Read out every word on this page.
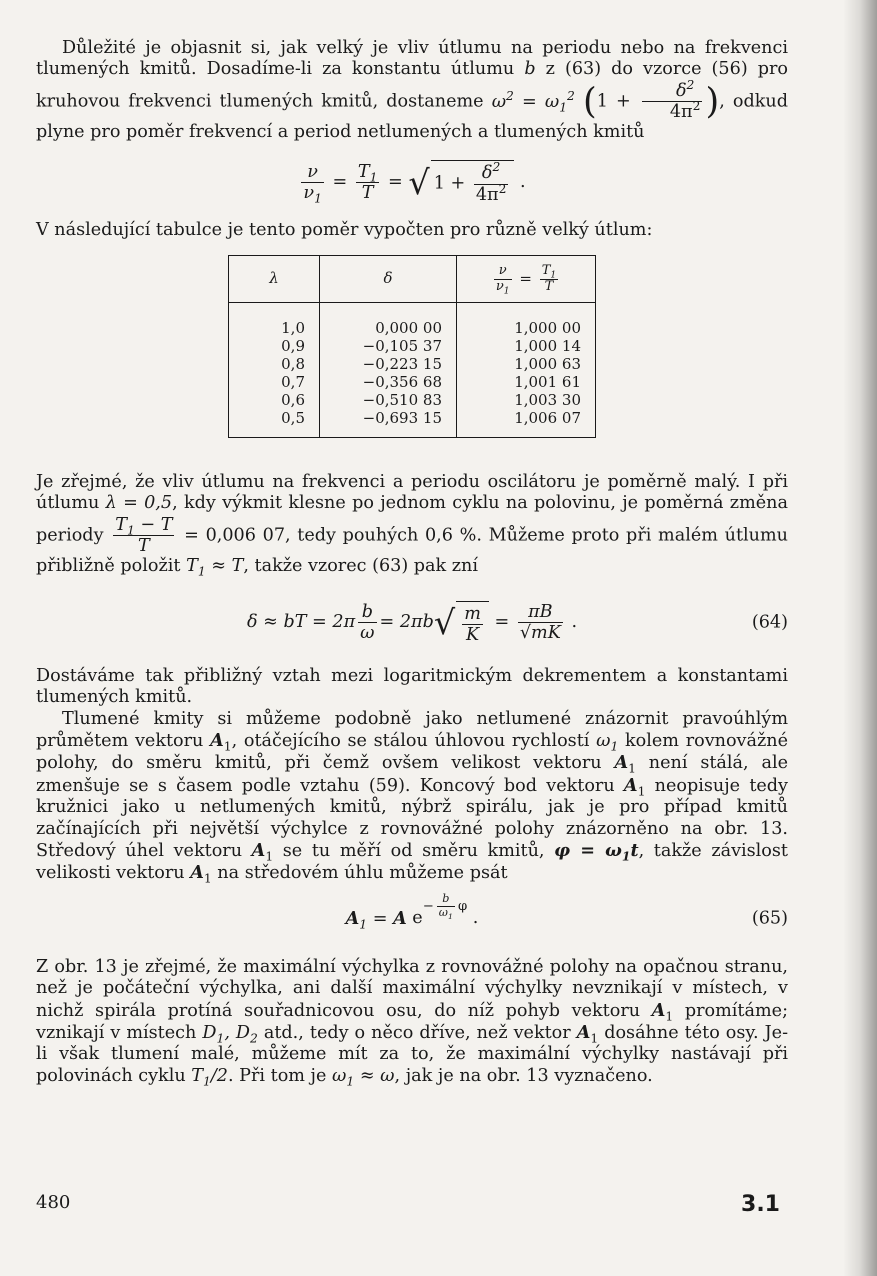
Důležité je objasnit si, jak velký je vliv útlumu na periodu nebo na frekvenci tlumených kmitů. Dosadíme-li za konstantu útlumu b z (63) do vzorce (56) pro kruhovou frekvenci tlumených kmitů, dostaneme $\omega^2 = \omega_1^2$ ($1 + \frac{\delta^2}{4\pi^2}$ ), odkud plyne pro poměr frekvencí a period netlumených a tlumených kmitů

$\frac{\nu}{\nu_1} = \frac{T_1}{T}$ = √ $1 + \frac{\delta^2}{4\pi^2}$ .

V následující tabulce je tento poměr vypočten pro různě velký útlum:

λ	δ	$\frac{\nu}{\nu_1} = \frac{T_1}{T}$

1,0	0,000 00	1,000 00
0,9	−0,105 37	1,000 14
0,8	−0,223 15	1,000 63
0,7	−0,356 68	1,001 61
0,6	−0,510 83	1,003 30
0,5	−0,693 15	1,006 07

Je zřejmé, že vliv útlumu na frekvenci a periodu oscilátoru je poměrně malý. I při útlumu λ = 0,5, kdy výkmit klesne po jednom cyklu na polovinu, je poměrná změna periody $\frac{T_1 - T}{T} = 0,006$ 07, tedy pouhých 0,6 %. Můžeme proto při malém útlumu přibližně položit $T_1 \approx T$, takže vzorec (63) pak zní

δ ≈ bT = $2\pi \frac{b}{\omega} = 2\pi b$ √ $\frac{m}{K} = \frac{\pi B}{√mK}$ .	(64)

Dostáváme tak přibližný vztah mezi logaritmickým dekrementem a konstantami tlumených kmitů.

Tlumené kmity si můžeme podobně jako netlumené znázornit pravoúhlým průmětem vektoru $A_1$, otáčejícího se stálou úhlovou rychlostí $\omega_1$ kolem rovnovážné polohy, do směru kmitů, při čemž ovšem velikost vektoru $A_1$ není stálá, ale zmenšuje se s časem podle vztahu (59). Koncový bod vektoru $A_1$ neopisuje tedy kružnici jako u netlumených kmitů, nýbrž spirálu, jak je pro případ kmitů začínajících při největší výchylce z rovnovážné polohy znázorněno na obr. 13. Středový úhel vektoru $A_1$ se tu měří od směru kmitů, $\varphi = \omega_1t$, takže závislost velikosti vektoru $A_1$ na středovém úhlu můžeme psát

$A_1 = A$ e
$^{- \frac{b}{\omega_1}\varphi}$
.	(65)

Z obr. 13 je zřejmé, že maximální výchylka z rovnovážné polohy na opačnou stranu, než je počáteční výchylka, ani další maximální výchylky nevznikají v místech, v nichž spirála protíná souřadnicovou osu, do níž pohyb vektoru $A_1$ promítáme; vznikají v místech $D_1$, $D_2$ atd., tedy o něco dříve, než vektor $A_1$ dosáhne této osy. Je-li však tlumení malé, můžeme mít za to, že maximální výchylky nastávají při polovinách cyklu $T_1/2$. Při tom je $\omega_1 \approx \omega$, jak je na obr. 13 vyznačeno.

480	3.1
